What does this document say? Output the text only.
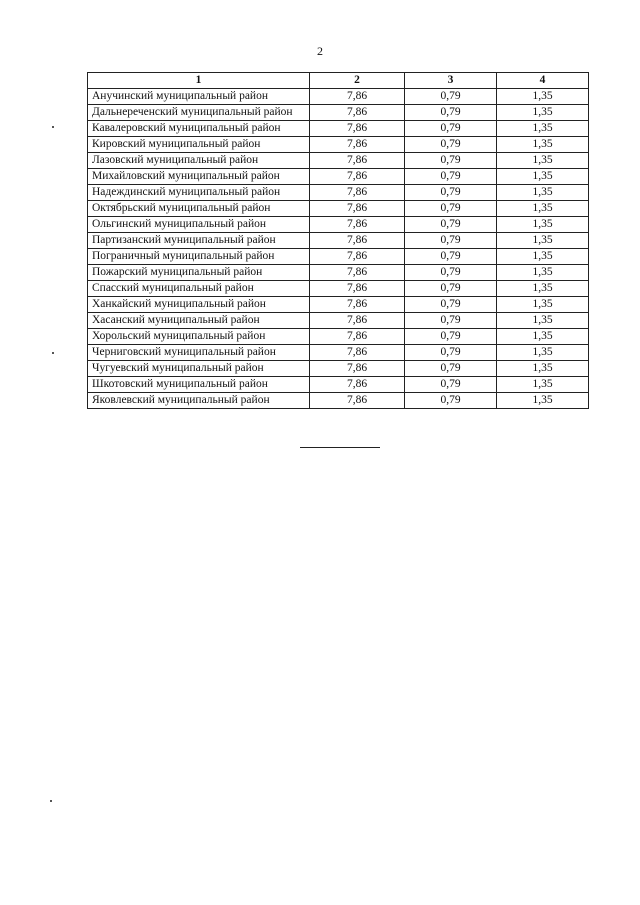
2
1	2	3	4
Анучинский муниципальный район	7,86	0,79	1,35
Дальнереченский муниципальный район	7,86	0,79	1,35
Кавалеровский муниципальный район	7,86	0,79	1,35
Кировский муниципальный район	7,86	0,79	1,35
Лазовский муниципальный район	7,86	0,79	1,35
Михайловский муниципальный район	7,86	0,79	1,35
Надеждинский муниципальный район	7,86	0,79	1,35
Октябрьский муниципальный район	7,86	0,79	1,35
Ольгинский муниципальный район	7,86	0,79	1,35
Партизанский муниципальный район	7,86	0,79	1,35
Пограничный муниципальный район	7,86	0,79	1,35
Пожарский муниципальный район	7,86	0,79	1,35
Спасский муниципальный район	7,86	0,79	1,35
Ханкайский муниципальный район	7,86	0,79	1,35
Хасанский муниципальный район	7,86	0,79	1,35
Хорольский муниципальный район	7,86	0,79	1,35
Черниговский муниципальный район	7,86	0,79	1,35
Чугуевский муниципальный район	7,86	0,79	1,35
Шкотовский муниципальный район	7,86	0,79	1,35
Яковлевский муниципальный район	7,86	0,79	1,35
